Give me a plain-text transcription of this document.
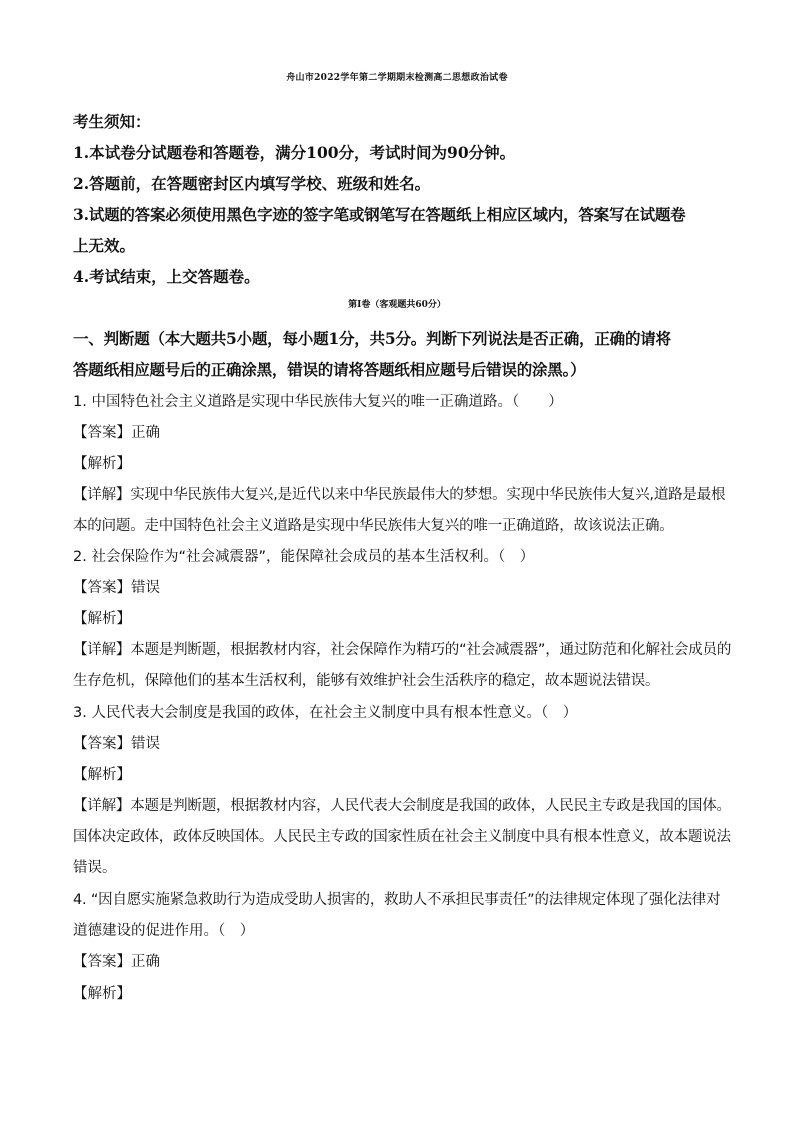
舟山市2022学年第二学期期末检测高二思想政治试卷
考生须知：
1.本试卷分试题卷和答题卷，满分100分，考试时间为90分钟。
2.答题前，在答题密封区内填写学校、班级和姓名。
3.试题的答案必须使用黑色字迹的签字笔或钢笔写在答题纸上相应区域内，答案写在试题卷
上无效。
4.考试结束，上交答题卷。
第Ⅰ卷（客观题共60分）
一、判断题（本大题共5小题，每小题1分，共5分。判断下列说法是否正确，正确的请将
答题纸相应题号后的正确涂黑，错误的请将答题纸相应题号后错误的涂黑。）
1. 中国特色社会主义道路是实现中华民族伟大复兴的唯一正确道路。（　　）
【答案】正确
【解析】
【详解】实现中华民族伟大复兴,是近代以来中华民族最伟大的梦想。实现中华民族伟大复兴,道路是最根
本的问题。走中国特色社会主义道路是实现中华民族伟大复兴的唯一正确道路，故该说法正确。
2. 社会保险作为“社会减震器”，能保障社会成员的基本生活权利。（　）
【答案】错误
【解析】
【详解】本题是判断题，根据教材内容，社会保障作为精巧的“社会减震器”，通过防范和化解社会成员的
生存危机，保障他们的基本生活权利，能够有效维护社会生活秩序的稳定，故本题说法错误。
3. 人民代表大会制度是我国的政体，在社会主义制度中具有根本性意义。（　）
【答案】错误
【解析】
【详解】本题是判断题，根据教材内容，人民代表大会制度是我国的政体，人民民主专政是我国的国体。
国体决定政体，政体反映国体。人民民主专政的国家性质在社会主义制度中具有根本性意义，故本题说法
错误。
4. “因自愿实施紧急救助行为造成受助人损害的，救助人不承担民事责任”的法律规定体现了强化法律对
道德建设的促进作用。（　）
【答案】正确
【解析】
